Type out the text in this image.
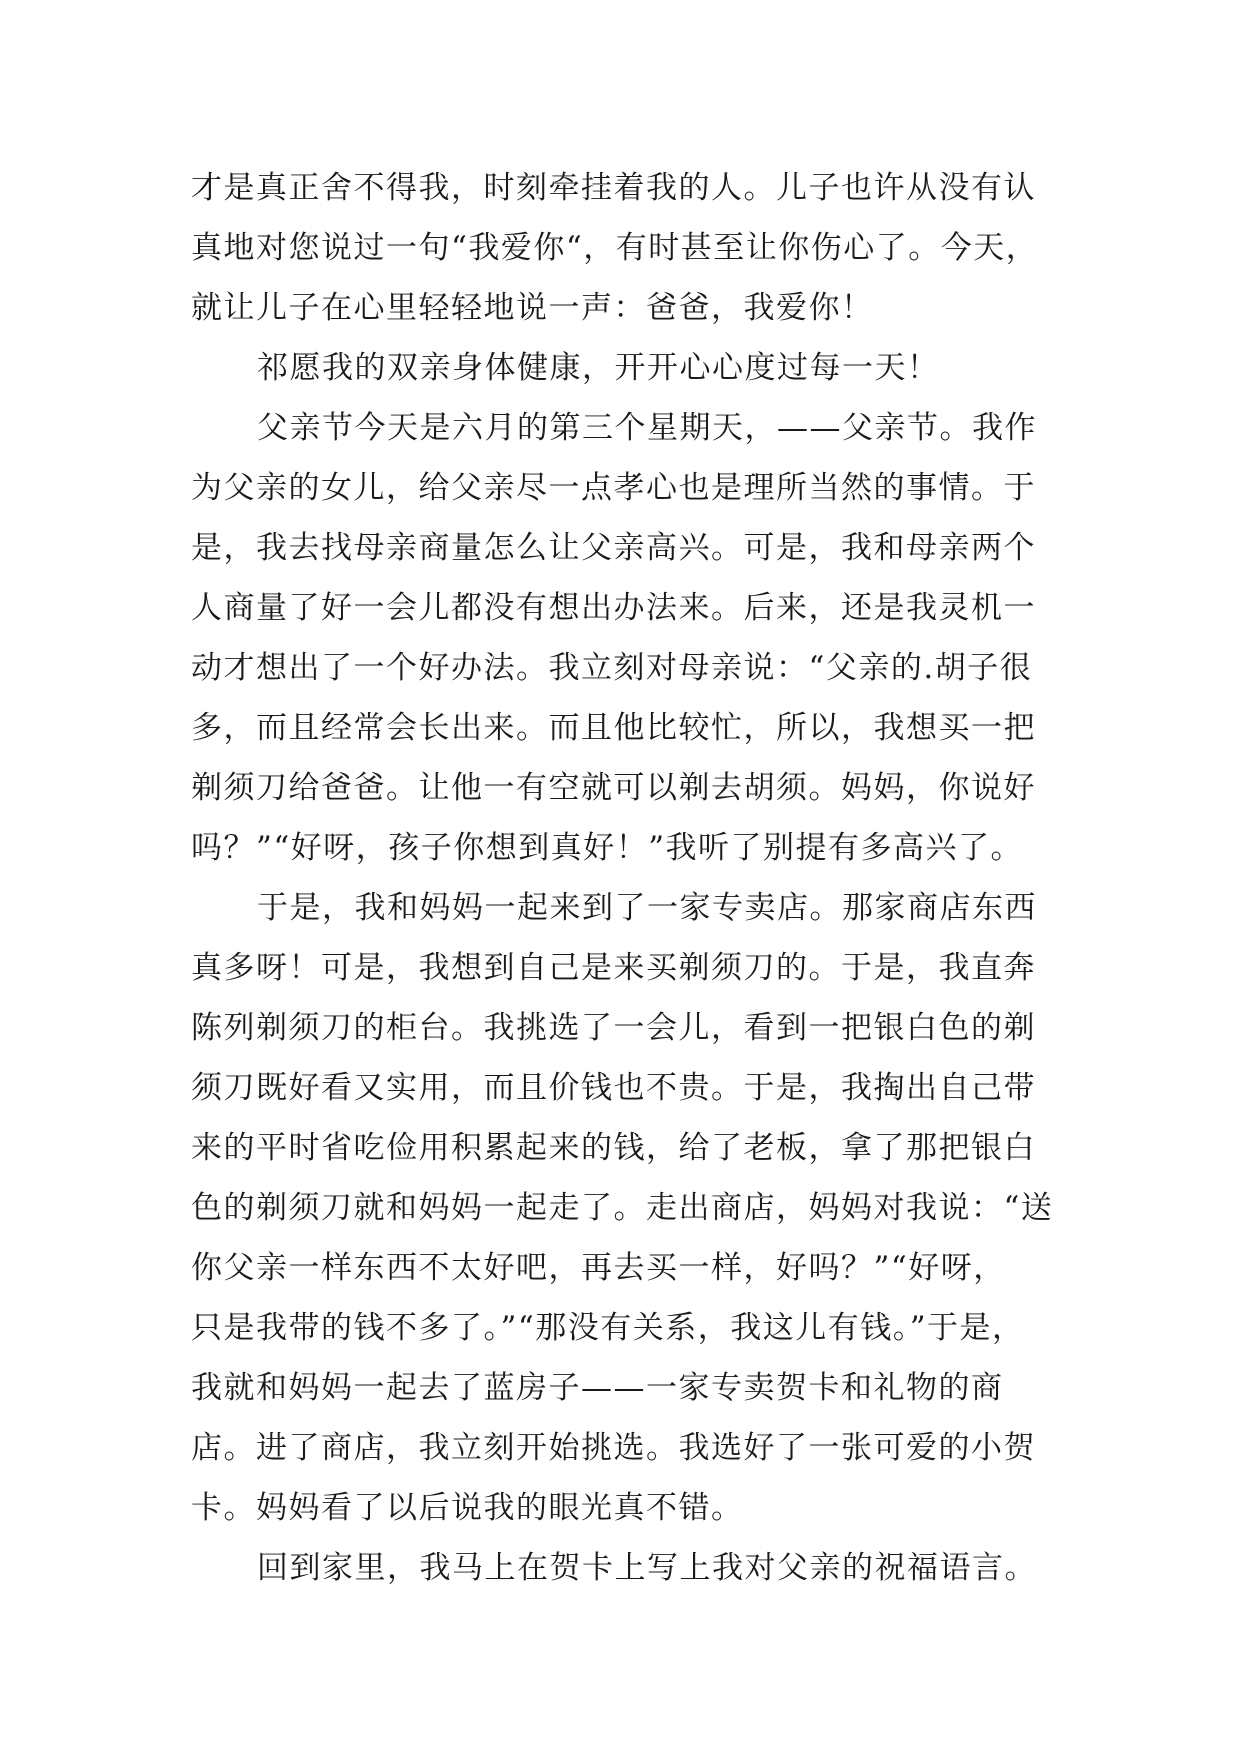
才是真正舍不得我，时刻牵挂着我的人。儿子也许从没有认
真地对您说过一句“我爱你“，有时甚至让你伤心了。今天，
就让儿子在心里轻轻地说一声：爸爸，我爱你！
祁愿我的双亲身体健康，开开心心度过每一天！
父亲节今天是六月的第三个星期天，——父亲节。我作
为父亲的女儿，给父亲尽一点孝心也是理所当然的事情。于
是，我去找母亲商量怎么让父亲高兴。可是，我和母亲两个
人商量了好一会儿都没有想出办法来。后来，还是我灵机一
动才想出了一个好办法。我立刻对母亲说：“父亲的.胡子很
多，而且经常会长出来。而且他比较忙，所以，我想买一把
剃须刀给爸爸。让他一有空就可以剃去胡须。妈妈，你说好
吗？”“好呀，孩子你想到真好！”我听了别提有多高兴了。
于是，我和妈妈一起来到了一家专卖店。那家商店东西
真多呀！可是，我想到自己是来买剃须刀的。于是，我直奔
陈列剃须刀的柜台。我挑选了一会儿，看到一把银白色的剃
须刀既好看又实用，而且价钱也不贵。于是，我掏出自己带
来的平时省吃俭用积累起来的钱，给了老板，拿了那把银白
色的剃须刀就和妈妈一起走了。走出商店，妈妈对我说：“送
你父亲一样东西不太好吧，再去买一样，好吗？”“好呀，
只是我带的钱不多了。”“那没有关系，我这儿有钱。”于是，
我就和妈妈一起去了蓝房子——一家专卖贺卡和礼物的商
店。进了商店，我立刻开始挑选。我选好了一张可爱的小贺
卡。妈妈看了以后说我的眼光真不错。
回到家里，我马上在贺卡上写上我对父亲的祝福语言。
